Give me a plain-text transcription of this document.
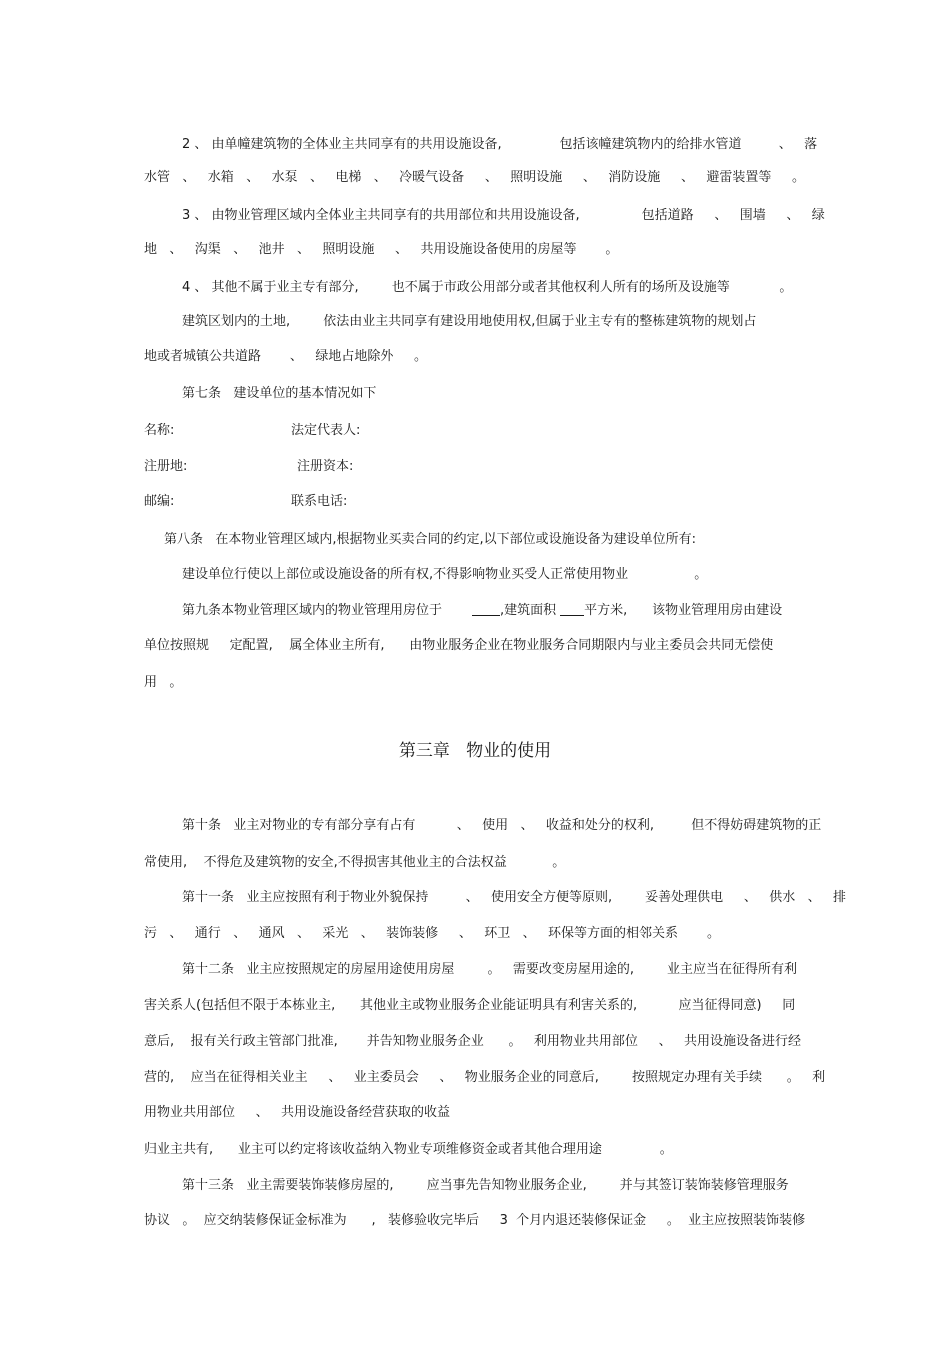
2 、 由单幢建筑物的全体业主共同享有的共用设施设备,              包括该幢建筑物内的给排水管道         、   落
水管   、   水箱   、   水泵   、   电梯   、   冷暖气设备     、   照明设施     、   消防设施     、   避雷装置等     。
3 、 由物业管理区域内全体业主共同享有的共用部位和共用设施设备,               包括道路     、   围墙     、   绿
地   、   沟渠   、   池井   、   照明设施     、   共用设施设备使用的房屋等       。
4 、 其他不属于业主专有部分,        也不属于市政公用部分或者其他权利人所有的场所及设施等            。
建筑区划内的土地,        依法由业主共同享有建设用地使用权,但属于业主专有的整栋建筑物的规划占
地或者城镇公共道路       、   绿地占地除外     。
第七条   建设单位的基本情况如下
名称:	法定代表人:
注册地:	注册资本:
邮编:	联系电话:
第八条   在本物业管理区域内,根据物业买卖合同的约定,以下部位或设施设备为建设单位所有:
建设单位行使以上部位或设施设备的所有权,不得影响物业买受人正常使用物业                。
第九条本物业管理区域内的物业管理用房位于	,建筑面积 平方米,      该物业管理用房由建设
单位按照规     定配置,    属全体业主所有,      由物业服务企业在物业服务合同期限内与业主委员会共同无偿使
用   。
第三章   物业的使用
第十条   业主对物业的专有部分享有占有          、   使用   、   收益和处分的权利,         但不得妨碍建筑物的正
常使用,    不得危及建筑物的安全,不得损害其他业主的合法权益           。
第十一条   业主应按照有利于物业外貌保持         、   使用安全方便等原则,        妥善处理供电     、   供水   、   排
污   、   通行   、   通风   、   采光   、   装饰装修     、   环卫   、   环保等方面的相邻关系       。
第十二条   业主应按照规定的房屋用途使用房屋        。   需要改变房屋用途的,        业主应当在征得所有利
害关系人(包括但不限于本栋业主,      其他业主或物业服务企业能证明具有利害关系的,          应当征得同意)     同
意后,    报有关行政主管部门批准,       并告知物业服务企业      。   利用物业共用部位     、   共用设施设备进行经
营的,    应当在征得相关业主     、   业主委员会     、   物业服务企业的同意后,        按照规定办理有关手续      。   利
用物业共用部位     、   共用设施设备经营获取的收益
归业主共有,      业主可以约定将该收益纳入物业专项维修资金或者其他合理用途              。
第十三条   业主需要装饰装修房屋的,        应当事先告知物业服务企业,        并与其签订装饰装修管理服务
协议   。  应交纳装修保证金标准为      ,   装修验收完毕后     3  个月内退还装修保证金     。  业主应按照装饰装修
